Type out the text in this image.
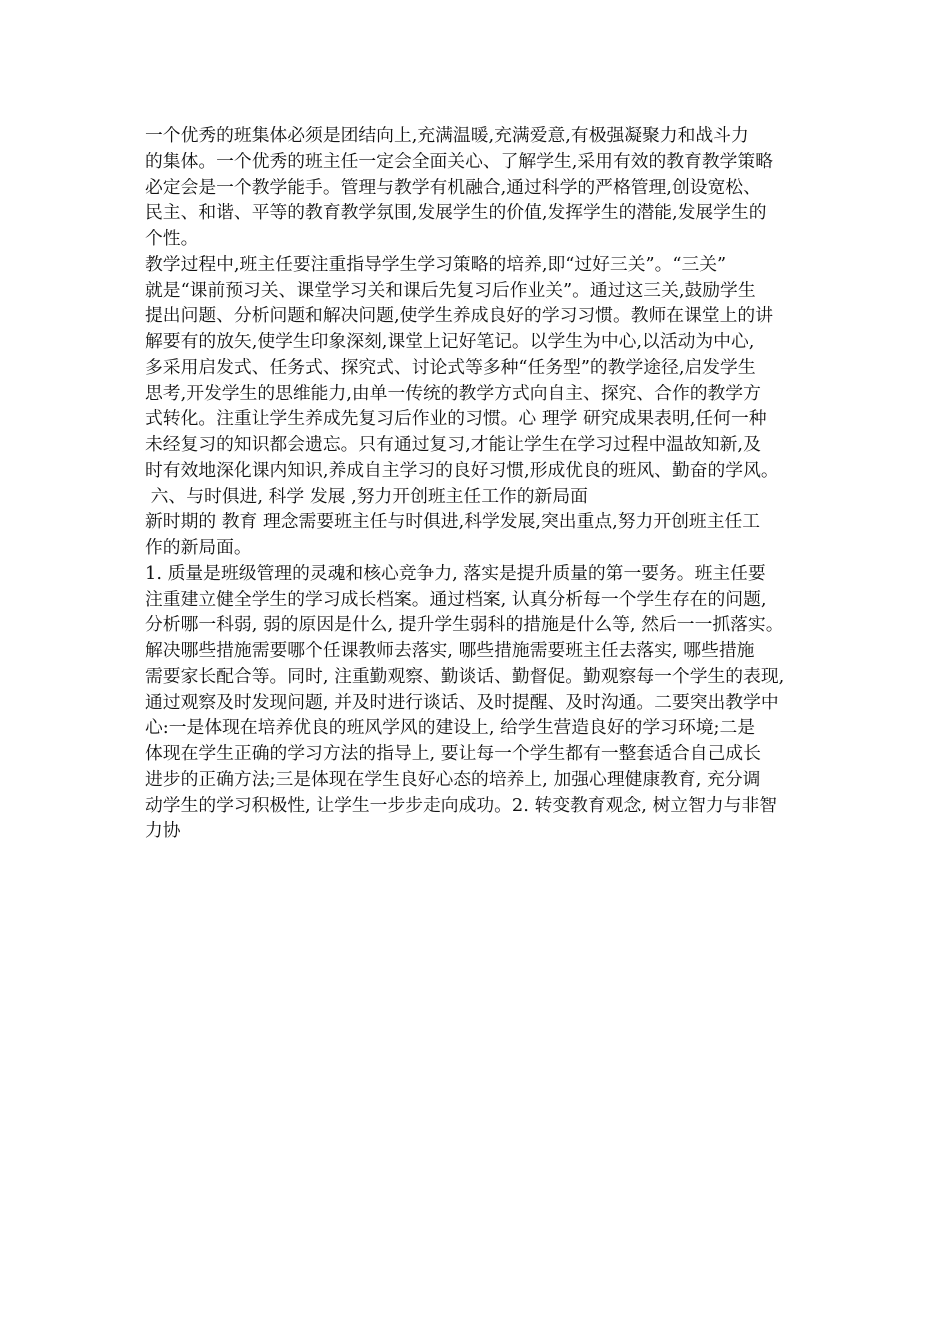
一个优秀的班集体必须是团结向上,充满温暖,充满爱意,有极强凝聚力和战斗力
的集体。一个优秀的班主任一定会全面关心、了解学生,采用有效的教育教学策略
必定会是一个教学能手。管理与教学有机融合,通过科学的严格管理,创设宽松、
民主、和谐、平等的教育教学氛围,发展学生的价值,发挥学生的潜能,发展学生的
个性。
教学过程中,班主任要注重指导学生学习策略的培养,即“过好三关”。“三关”
就是“课前预习关、课堂学习关和课后先复习后作业关”。通过这三关,鼓励学生
提出问题、分析问题和解决问题,使学生养成良好的学习习惯。教师在课堂上的讲
解要有的放矢,使学生印象深刻,课堂上记好笔记。以学生为中心,以活动为中心,
多采用启发式、任务式、探究式、讨论式等多种“任务型”的教学途径,启发学生
思考,开发学生的思维能力,由单一传统的教学方式向自主、探究、合作的教学方
式转化。注重让学生养成先复习后作业的习惯。心 理学 研究成果表明,任何一种
未经复习的知识都会遗忘。只有通过复习,才能让学生在学习过程中温故知新,及
时有效地深化课内知识,养成自主学习的良好习惯,形成优良的班风、勤奋的学风。
六、与时俱进, 科学 发展 ,努力开创班主任工作的新局面
新时期的 教育 理念需要班主任与时俱进,科学发展,突出重点,努力开创班主任工
作的新局面。
1. 质量是班级管理的灵魂和核心竞争力, 落实是提升质量的第一要务。班主任要
注重建立健全学生的学习成长档案。通过档案, 认真分析每一个学生存在的问题,
分析哪一科弱, 弱的原因是什么, 提升学生弱科的措施是什么等, 然后一一抓落实。
解决哪些措施需要哪个任课教师去落实, 哪些措施需要班主任去落实, 哪些措施
需要家长配合等。同时, 注重勤观察、勤谈话、勤督促。勤观察每一个学生的表现,
通过观察及时发现问题, 并及时进行谈话、及时提醒、及时沟通。二要突出教学中
心:一是体现在培养优良的班风学风的建设上, 给学生营造良好的学习环境;二是
体现在学生正确的学习方法的指导上, 要让每一个学生都有一整套适合自己成长
进步的正确方法;三是体现在学生良好心态的培养上, 加强心理健康教育, 充分调
动学生的学习积极性, 让学生一步步走向成功。2. 转变教育观念, 树立智力与非智
力协
